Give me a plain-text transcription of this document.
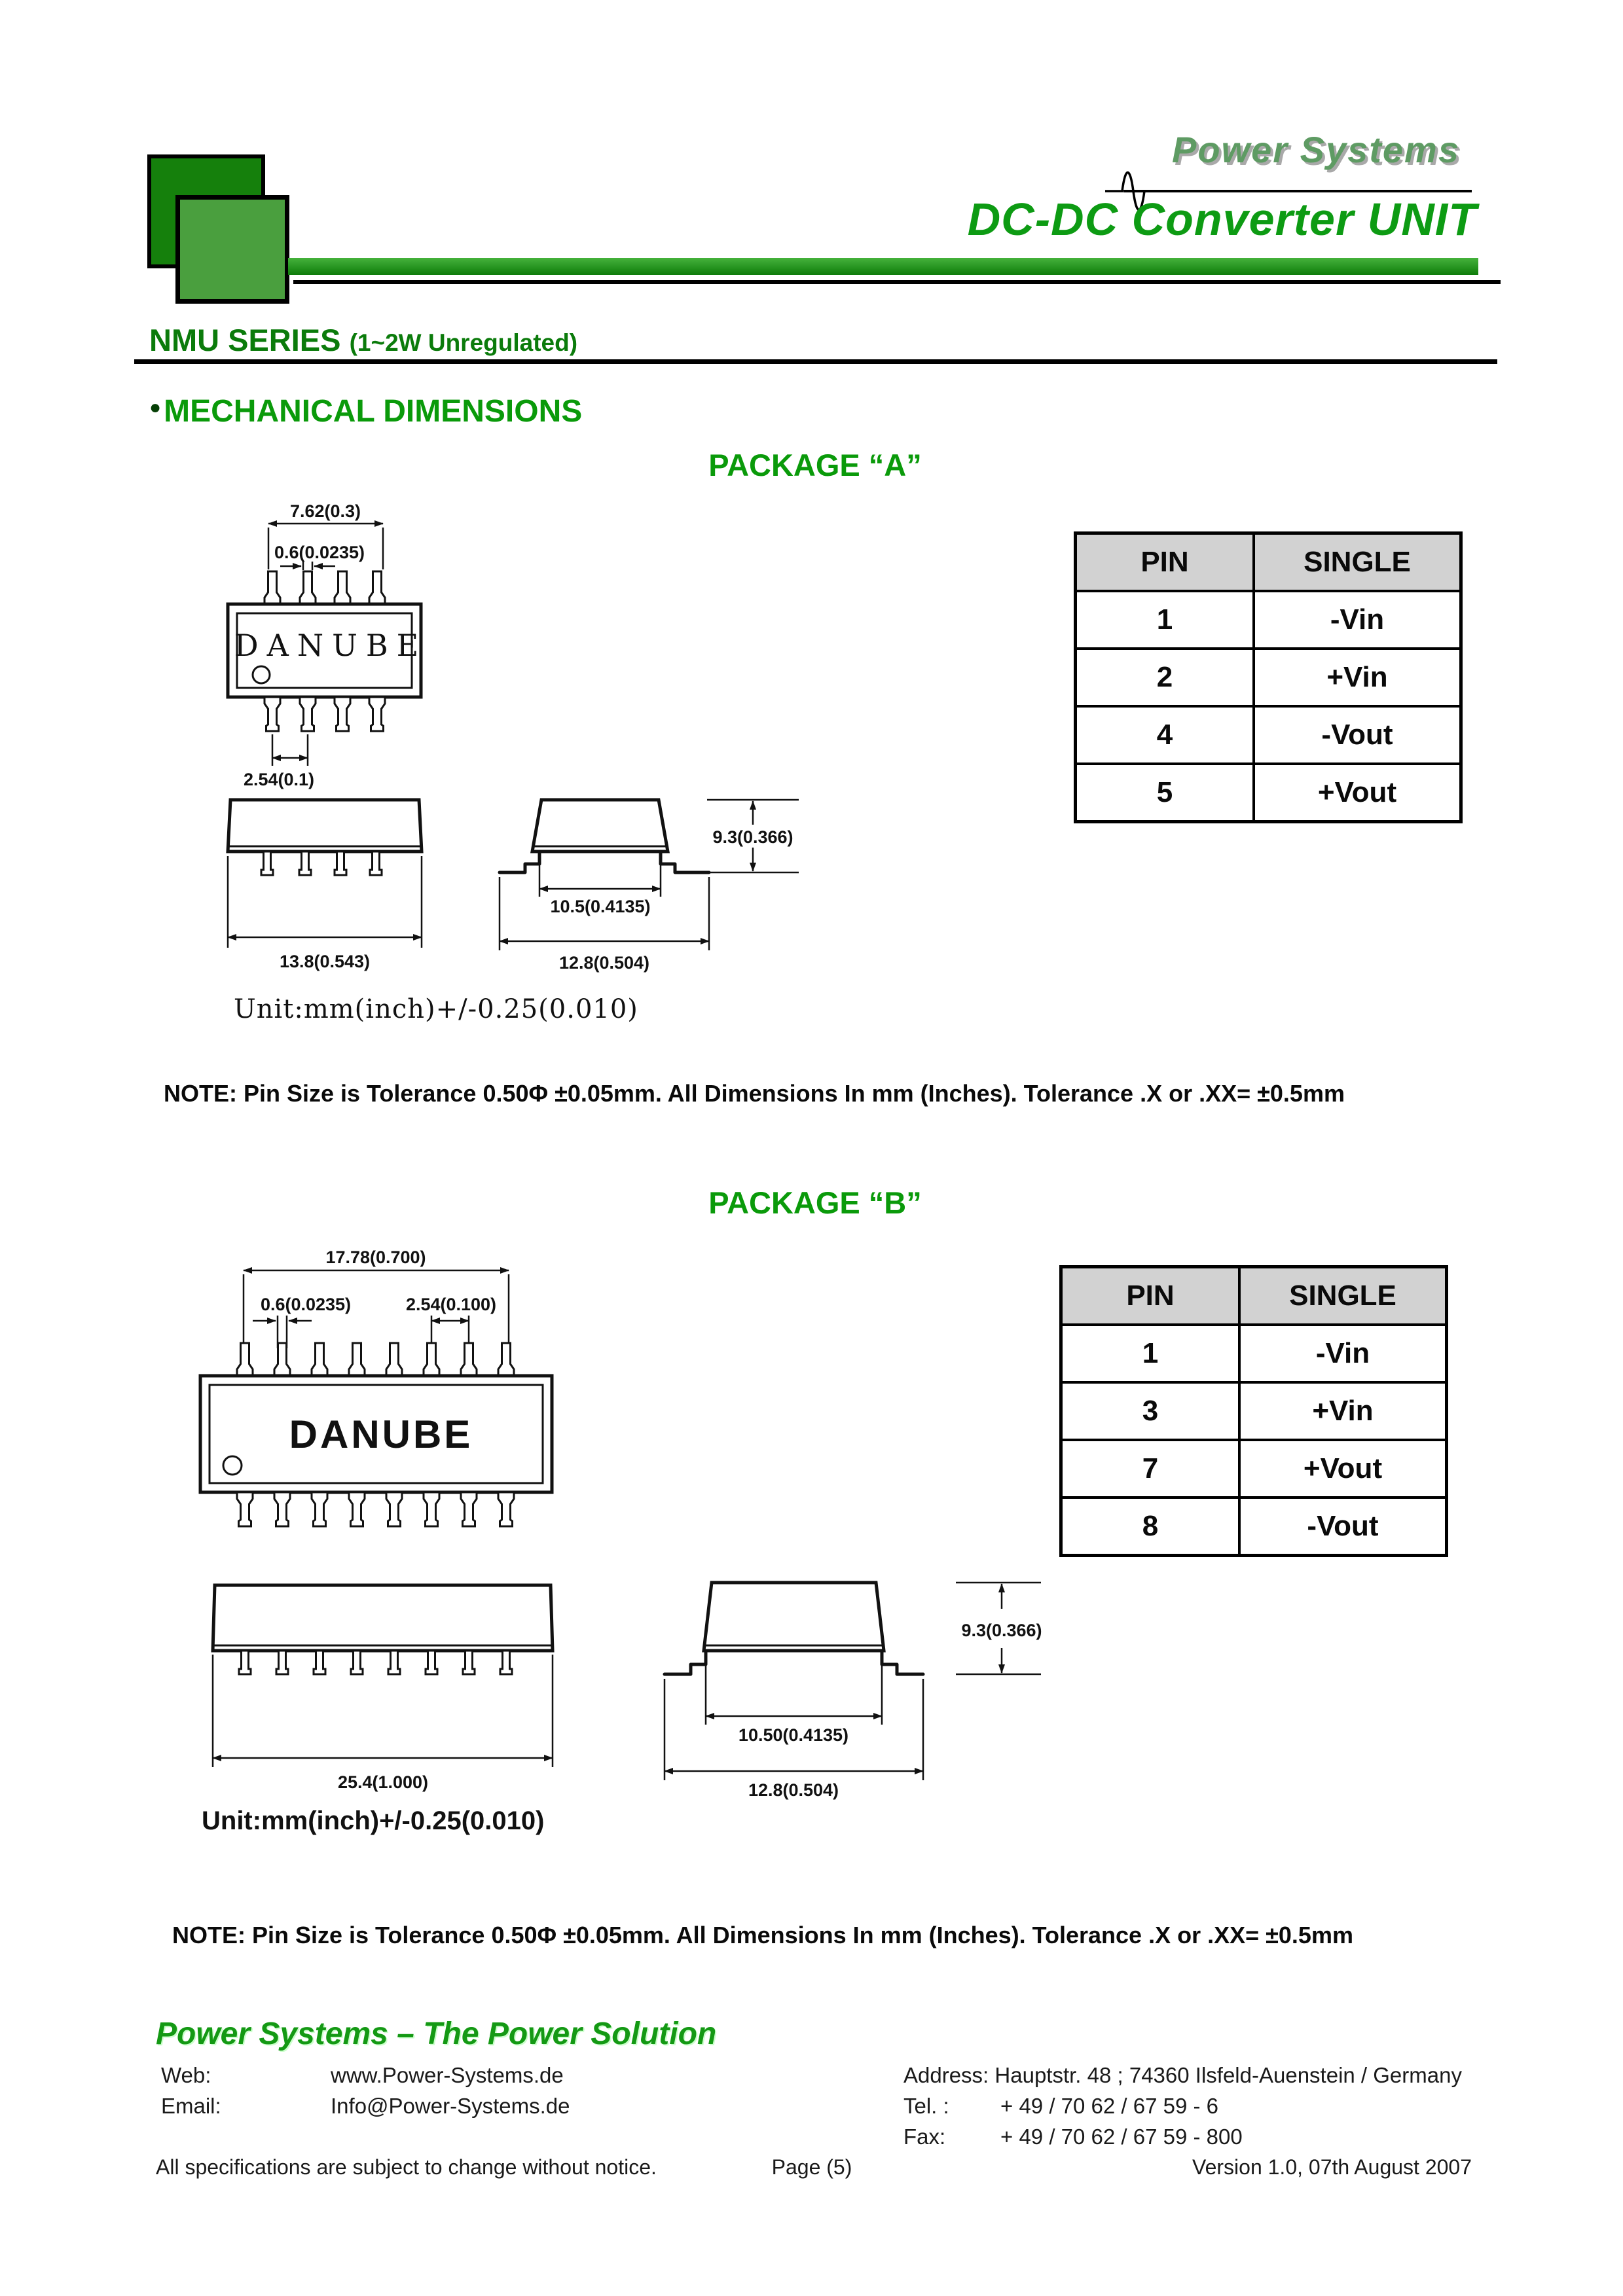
Power Systems
DC-DC Converter UNIT
NMU SERIES (1~2W Unregulated)
●MECHANICAL DIMENSIONS
PACKAGE “A”
7.62(0.3)
0.6(0.0235)
DANUBE
2.54(0.1)
13.8(0.543)
10.5(0.4135)
12.8(0.504)
9.3(0.366)
Unit:mm(inch)+/-0.25(0.010)
NOTE: Pin Size is Tolerance 0.50Φ ±0.05mm. All Dimensions In mm (Inches). Tolerance .X or .XX= ±0.5mm
PIN	SINGLE
1	-Vin
2	+Vin
4	-Vout
5	+Vout
PACKAGE “B”
17.78(0.700)
0.6(0.0235)	2.54(0.100)
DANUBE
25.4(1.000)
10.50(0.4135)
12.8(0.504)
9.3(0.366)
Unit:mm(inch)+/-0.25(0.010)
NOTE: Pin Size is Tolerance 0.50Φ ±0.05mm. All Dimensions In mm (Inches). Tolerance .X or .XX= ±0.5mm
PIN	SINGLE
1	-Vin
3	+Vin
7	+Vout
8	-Vout
Power Systems – The Power Solution
Web:	www.Power-Systems.de
Email:	Info@Power-Systems.de
Address: Hauptstr. 48 ; 74360 Ilsfeld-Auenstein / Germany
Tel. : + 49 / 70 62 / 67 59 - 6
Fax:	+ 49 / 70 62 / 67 59 - 800
All specifications are subject to change without notice.	Page (5)	Version 1.0, 07th August 2007
